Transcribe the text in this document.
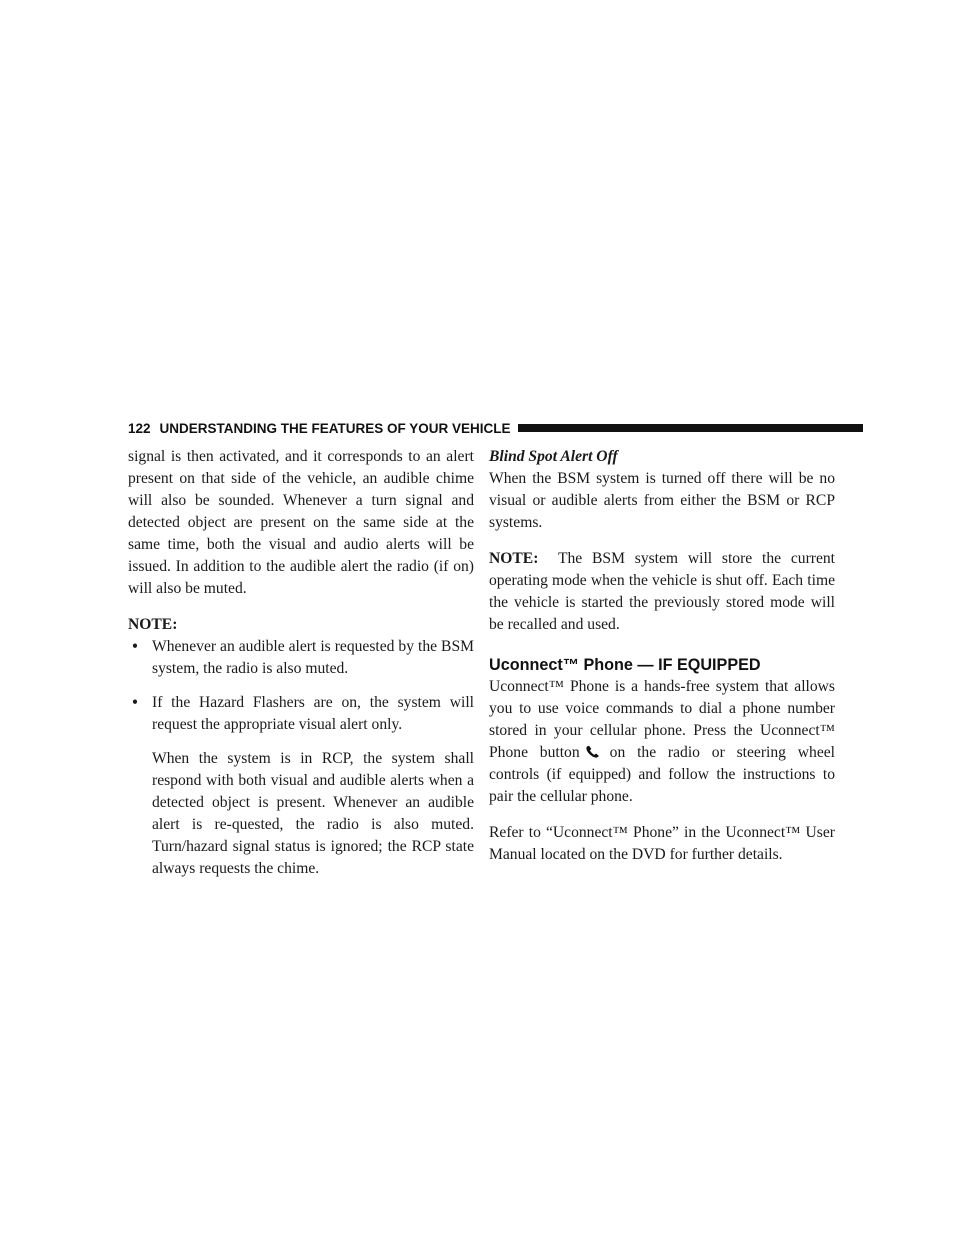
122 UNDERSTANDING THE FEATURES OF YOUR VEHICLE

signal is then activated, and it corresponds to an alert present on that side of the vehicle, an audible chime will also be sounded. Whenever a turn signal and detected object are present on the same side at the same time, both the visual and audio alerts will be issued. In addition to the audible alert the radio (if on) will also be muted.

NOTE:
• Whenever an audible alert is requested by the BSM system, the radio is also muted.
• If the Hazard Flashers are on, the system will request the appropriate visual alert only.

When the system is in RCP, the system shall respond with both visual and audible alerts when a detected object is present. Whenever an audible alert is re-quested, the radio is also muted. Turn/hazard signal status is ignored; the RCP state always requests the chime.

Blind Spot Alert Off

When the BSM system is turned off there will be no visual or audible alerts from either the BSM or RCP systems.

NOTE: The BSM system will store the current operating mode when the vehicle is shut off. Each time the vehicle is started the previously stored mode will be recalled and used.

Uconnect™ Phone — IF EQUIPPED

Uconnect™ Phone is a hands-free system that allows you to use voice commands to dial a phone number stored in your cellular phone. Press the Uconnect™ Phone button on the radio or steering wheel controls (if equipped) and follow the instructions to pair the cellular phone.

Refer to “Uconnect™ Phone” in the Uconnect™ User Manual located on the DVD for further details.
